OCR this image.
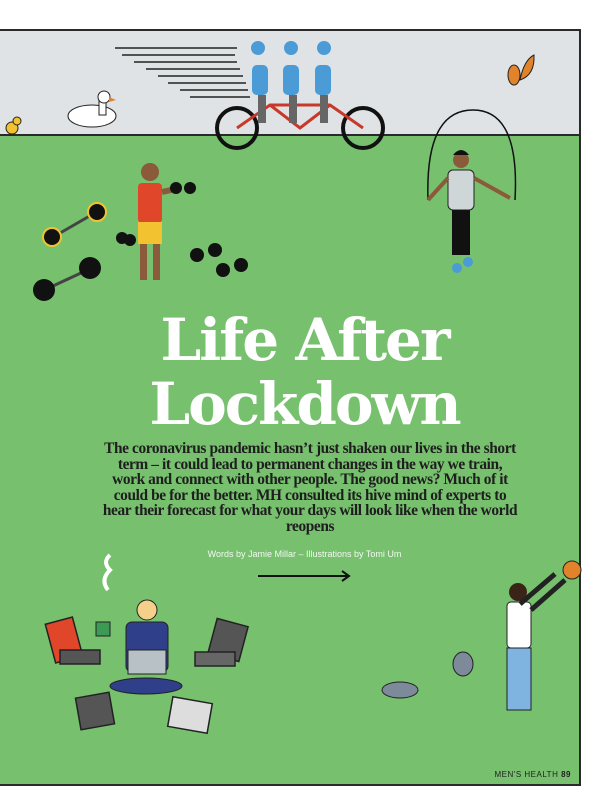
Life After
Lockdown

The coronavirus pandemic hasn’t just shaken our lives in the short term – it could lead to permanent changes in the way we train, work and connect with other people. The good news? Much of it could be for the better. MH consulted its hive mind of experts to hear their forecast for what your days will look like when the world reopens

Words by Jamie Millar – Illustrations by Tomi Um
MEN'S HEALTH 89
